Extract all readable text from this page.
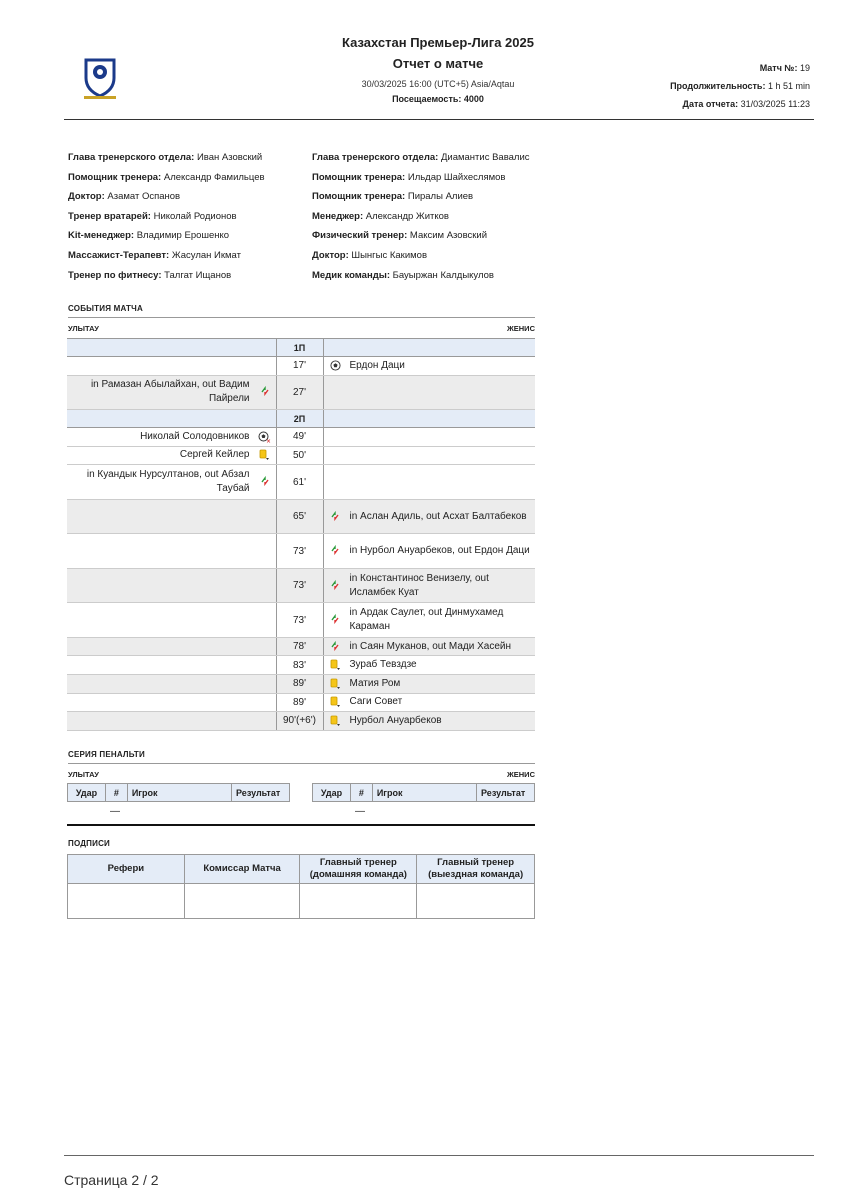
Казахстан Премьер-Лига 2025
Отчет о матче
30/03/2025 16:00 (UTC+5) Asia/Aqtau
Посещаемость: 4000
Матч №: 19
Продолжительность: 1 h 51 min
Дата отчета: 31/03/2025 11:23
Глава тренерского отдела: Иван Азовский
Помощник тренера: Александр Фамильцев
Доктор: Азамат Оспанов
Тренер вратарей: Николай Родионов
Kit-менеджер: Владимир Ерошенко
Массажист-Терапевт: Жасулан Икмат
Тренер по фитнесу: Талгат Ищанов
Глава тренерского отдела: Диамантис Вавалис
Помощник тренера: Ильдар Шайхеслямов
Помощник тренера: Пиралы Алиев
Менеджер: Александр Житков
Физический тренер: Максим Азовский
Доктор: Шынгыс Какимов
Медик команды: Бауыржан Калдыкулов
СОБЫТИЯ МАТЧА
УЛЫТАУ	ЖЕНИС
	1П	
	17'	Ердон Даци

in Рамазан Абылайхан, out Вадим Пайрели	27'	
	2П	
Николай Солодовников ×	49'	
Сергей Кейлер	50'	
in Куандык Нурсултанов, out Абзал Таубай	61'	
	65'	in Аслан Адиль, out Асхат Балтабеков

	73'	in Нурбол Ануарбеков, out Ердон Даци

	73'	in Константинос Венизелу, out Исламбек Куат

	73'	in Ардак Саулет, out Динмухамед Караман

	78'	in Саян Муканов, out Мади Хасейн

	83'	Зураб Тевздзе

	89'	Матия Ром

	89'	Саги Совет

	90'(+6')	Нурбол Ануарбеков
СЕРИЯ ПЕНАЛЬТИ
УЛЫТАУ	ЖЕНИС
Удар	#	Игрок	Результат
—
Удар	#	Игрок	Результат
—
ПОДПИСИ
Рефери	Комиссар Матча	Главный тренер (домашняя команда)	Главный тренер (выездная команда)

Страница 2 / 2
